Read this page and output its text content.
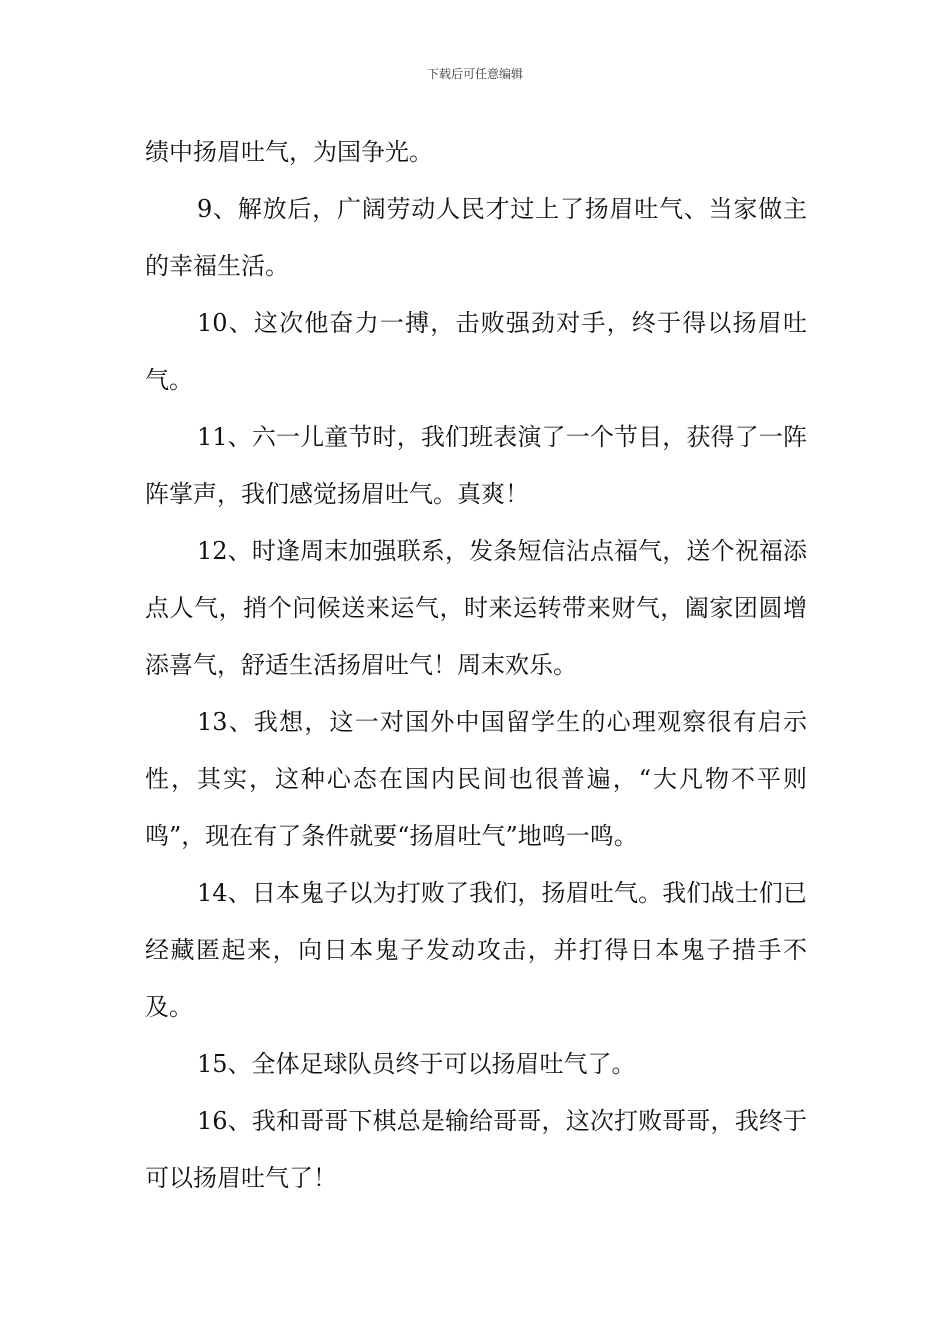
下载后可任意编辑

绩中扬眉吐气，为国争光。

9、解放后，广阔劳动人民才过上了扬眉吐气、当家做主的幸福生活。

10、这次他奋力一搏，击败强劲对手，终于得以扬眉吐气。

11、六一儿童节时，我们班表演了一个节目，获得了一阵阵掌声，我们感觉扬眉吐气。真爽！

12、时逢周末加强联系，发条短信沾点福气，送个祝福添点人气，捎个问候送来运气，时来运转带来财气，阖家团圆增添喜气，舒适生活扬眉吐气！周末欢乐。

13、我想，这一对国外中国留学生的心理观察很有启示性，其实，这种心态在国内民间也很普遍，“大凡物不平则鸣”，现在有了条件就要“扬眉吐气”地鸣一鸣。

14、日本鬼子以为打败了我们，扬眉吐气。我们战士们已经藏匿起来，向日本鬼子发动攻击，并打得日本鬼子措手不及。

15、全体足球队员终于可以扬眉吐气了。

16、我和哥哥下棋总是输给哥哥，这次打败哥哥，我终于可以扬眉吐气了！
